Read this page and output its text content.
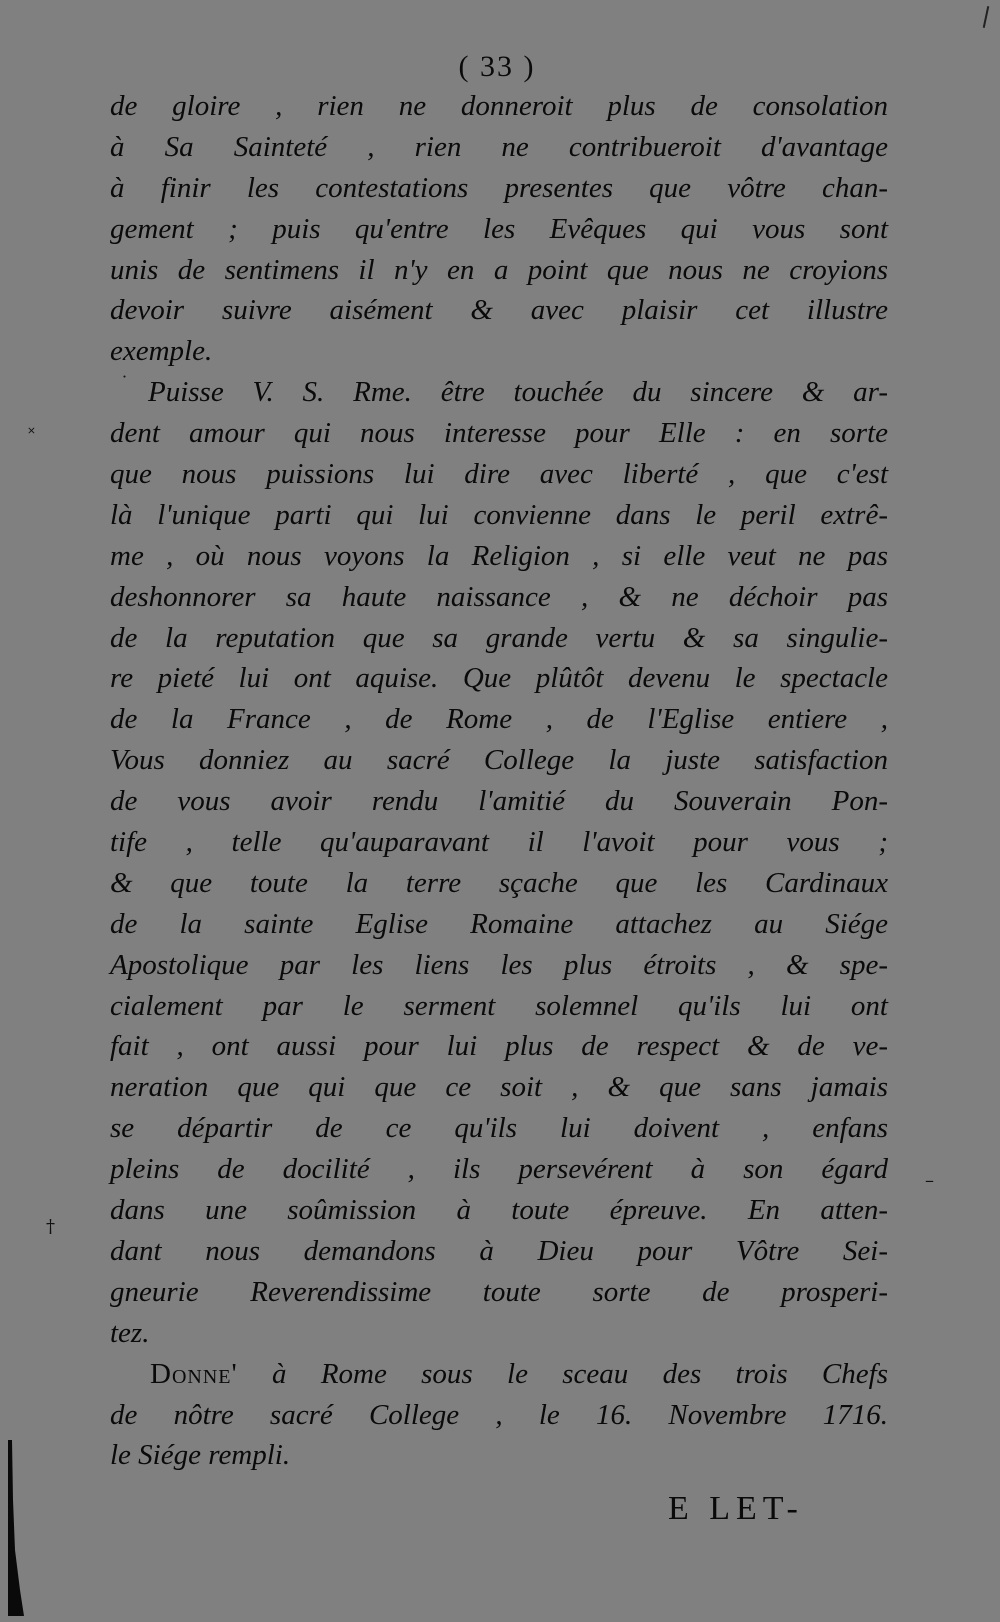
( 33 )
de gloire , rien ne donneroit plus de consolation
à Sa Sainteté , rien ne contribueroit d'avantage
à finir les contestations presentes que vôtre chan-
gement ; puis qu'entre les Evêques qui vous sont
unis de sentimens il n'y en a point que nous ne croyions
devoir suivre aisément & avec plaisir cet illustre
exemple.
Puisse V. S. Rme. être touchée du sincere & ar-
dent amour qui nous interesse pour Elle : en sorte
que nous puissions lui dire avec liberté , que c'est
là l'unique parti qui lui convienne dans le peril extrê-
me , où nous voyons la Religion , si elle veut ne pas
deshonnorer sa haute naissance , & ne déchoir pas
de la reputation que sa grande vertu & sa singulie-
re pieté lui ont aquise. Que plûtôt devenu le spectacle
de la France , de Rome , de l'Eglise entiere ,
Vous donniez au sacré College la juste satisfaction
de vous avoir rendu l'amitié du Souverain Pon-
tife , telle qu'auparavant il l'avoit pour vous ;
& que toute la terre sçache que les Cardinaux
de la sainte Eglise Romaine attachez au Siége
Apostolique par les liens les plus étroits , & spe-
cialement par le serment solemnel qu'ils lui ont
fait , ont aussi pour lui plus de respect & de ve-
neration que qui que ce soit , & que sans jamais
se départir de ce qu'ils lui doivent , enfans
pleins de docilité , ils persevérent à son égard
dans une soûmission à toute épreuve. En atten-
dant nous demandons à Dieu pour Vôtre Sei-
gneurie Reverendissime toute sorte de prosperi-
tez.
Donne' à Rome sous le sceau des trois Chefs
de nôtre sacré College , le 16. Novembre 1716.
le Siége rempli.
E LET-
˟
†
˙
–
